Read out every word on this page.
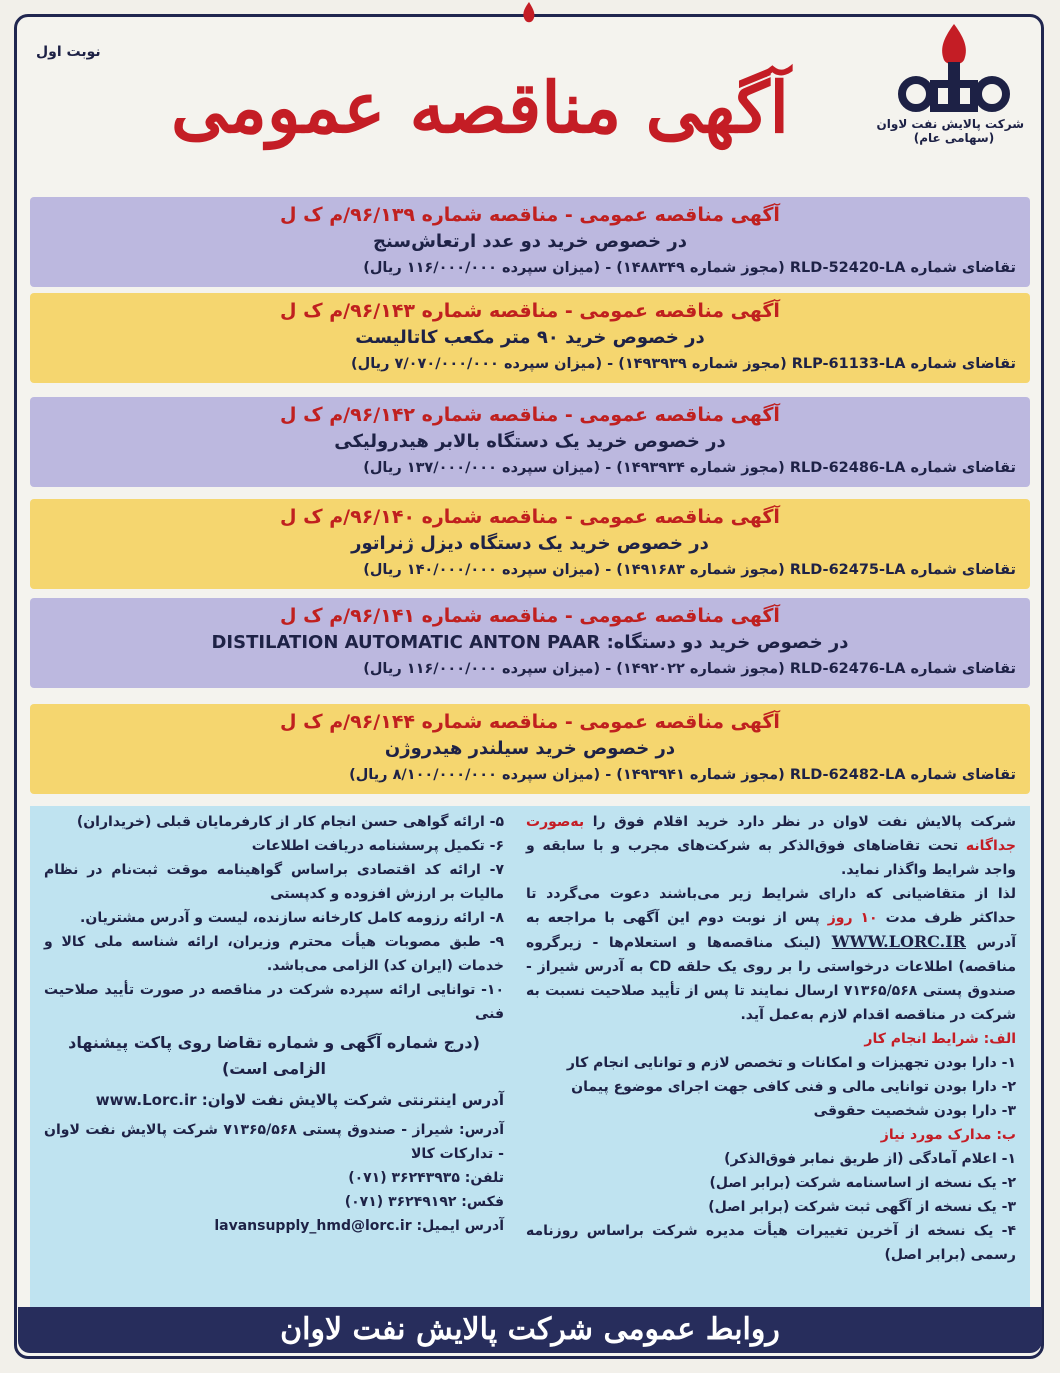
شرکت پالایش نفت لاوان
(سهامی عام)
نوبت اول
آگهی مناقصه عمومی
آگهی مناقصه عمومی - مناقصه شماره ۹۶/۱۳۹/م ک ل
در خصوص خرید دو عدد ارتعاش‌سنج
تقاضای شماره RLD-52420-LA (مجوز شماره ۱۴۸۸۳۴۹) - (میزان سپرده ۱۱۶/۰۰۰/۰۰۰ ریال)
آگهی مناقصه عمومی - مناقصه شماره ۹۶/۱۴۳/م ک ل
در خصوص خرید ۹۰ متر مکعب کاتالیست
تقاضای شماره RLP-61133-LA (مجوز شماره ۱۴۹۳۹۳۹) - (میزان سپرده ۷/۰۷۰/۰۰۰/۰۰۰ ریال)
آگهی مناقصه عمومی - مناقصه شماره ۹۶/۱۴۲/م ک ل
در خصوص خرید یک دستگاه بالابر هیدرولیکی
تقاضای شماره RLD-62486-LA (مجوز شماره ۱۴۹۳۹۳۴) - (میزان سپرده ۱۳۷/۰۰۰/۰۰۰ ریال)
آگهی مناقصه عمومی - مناقصه شماره ۹۶/۱۴۰/م ک ل
در خصوص خرید یک دستگاه دیزل ژنراتور
تقاضای شماره RLD-62475-LA (مجوز شماره ۱۴۹۱۶۸۳) - (میزان سپرده ۱۴۰/۰۰۰/۰۰۰ ریال)
آگهی مناقصه عمومی - مناقصه شماره ۹۶/۱۴۱/م ک ل
در خصوص خرید دو دستگاه: DISTILATION AUTOMATIC ANTON PAAR
تقاضای شماره RLD-62476-LA (مجوز شماره ۱۴۹۲۰۲۲) - (میزان سپرده ۱۱۶/۰۰۰/۰۰۰ ریال)
آگهی مناقصه عمومی - مناقصه شماره ۹۶/۱۴۴/م ک ل
در خصوص خرید سیلندر هیدروژن
تقاضای شماره RLD-62482-LA (مجوز شماره ۱۴۹۳۹۴۱) - (میزان سپرده ۸/۱۰۰/۰۰۰/۰۰۰ ریال)

شرکت پالایش نفت لاوان در نظر دارد خرید اقلام فوق را به‌صورت جداگانه تحت تقاضاهای فوق‌الذکر به شرکت‌های مجرب و با سابقه و واجد شرایط واگذار نماید.

لذا از متقاضیانی که دارای شرایط زیر می‌باشند دعوت می‌گردد تا حداکثر ظرف مدت ۱۰ روز پس از نوبت دوم این آگهی با مراجعه به آدرس WWW.LORC.IR (لینک مناقصه‌ها و استعلام‌ها - زیرگروه مناقصه) اطلاعات درخواستی را بر روی یک حلقه CD به آدرس شیراز - صندوق پستی ۷۱۳۶۵/۵۶۸ ارسال نمایند تا پس از تأیید صلاحیت نسبت به شرکت در مناقصه اقدام لازم به‌عمل آید.

الف: شرایط انجام کار
۱- دارا بودن تجهیزات و امکانات و تخصص لازم و توانایی انجام کار
۲- دارا بودن توانایی مالی و فنی کافی جهت اجرای موضوع پیمان
۳- دارا بودن شخصیت حقوقی
ب: مدارک مورد نیاز
۱- اعلام آمادگی (از طریق نمابر فوق‌الذکر)
۲- یک نسخه از اساسنامه شرکت (برابر اصل)
۳- یک نسخه از آگهی ثبت شرکت (برابر اصل)
۴- یک نسخه از آخرین تغییرات هیأت مدیره شرکت براساس روزنامه رسمی (برابر اصل)
۵- ارائه گواهی حسن انجام کار از کارفرمایان قبلی (خریداران)
۶- تکمیل پرسشنامه دریافت اطلاعات
۷- ارائه کد اقتصادی براساس گواهینامه موقت ثبت‌نام در نظام مالیات بر ارزش افزوده و کدپستی
۸- ارائه رزومه کامل کارخانه سازنده، لیست و آدرس مشتریان.
۹- طبق مصوبات هیأت محترم وزیران، ارائه شناسه ملی کالا و خدمات (ایران کد) الزامی می‌باشد.
۱۰- توانایی ارائه سپرده شرکت در مناقصه در صورت تأیید صلاحیت فنی
(درج شماره آگهی و شماره تقاضا روی پاکت پیشنهاد الزامی است)
آدرس اینترنتی شرکت پالایش نفت لاوان: www.Lorc.ir
آدرس: شیراز - صندوق پستی ۷۱۳۶۵/۵۶۸ شرکت پالایش نفت لاوان - تدارکات کالا
تلفن: ۳۶۲۴۳۹۳۵ (۰۷۱)
فکس: ۳۶۲۴۹۱۹۲ (۰۷۱)
آدرس ایمیل: lavansupply_hmd@lorc.ir
روابط عمومی شرکت پالایش نفت لاوان
